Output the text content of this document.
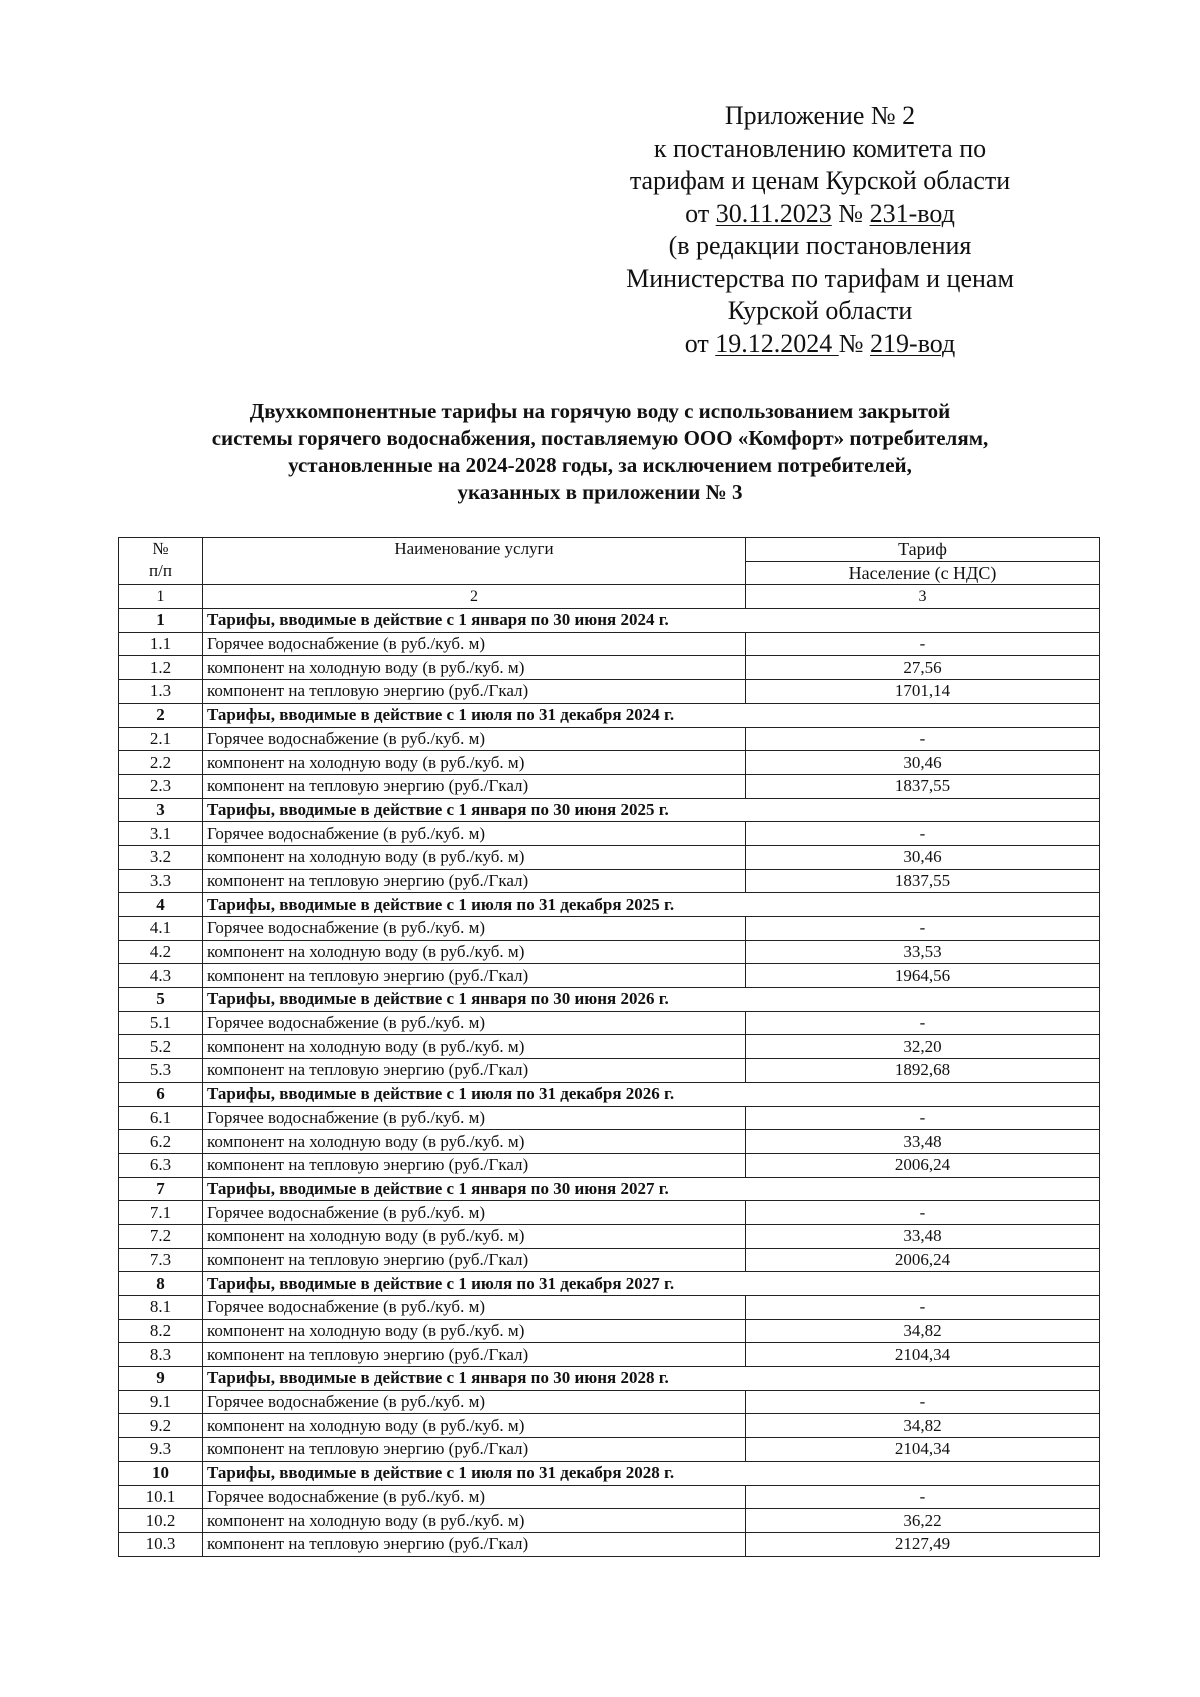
Приложение № 2
к постановлению комитета по
тарифам и ценам Курской области
от 30.11.2023 № 231-вод
(в редакции постановления
Министерства по тарифам и ценам
Курской области
от 19.12.2024 № 219-вод
Двухкомпонентные тарифы на горячую воду с использованием закрытой
системы горячего водоснабжения, поставляемую ООО «Комфорт» потребителям,
установленные на 2024-2028 годы, за исключением потребителей,
указанных в приложении № 3
№
п/п	Наименование услуги	Тариф
		Население (с НДС)
1	2	3
1	Тарифы, вводимые в действие с 1 января по 30 июня 2024 г.	
1.1	Горячее водоснабжение (в руб./куб. м)	-
1.2	компонент на холодную воду (в руб./куб. м)	27,56
1.3	компонент на тепловую энергию (руб./Гкал)	1701,14
2	Тарифы, вводимые в действие с 1 июля по 31 декабря 2024 г.	
2.1	Горячее водоснабжение (в руб./куб. м)	-
2.2	компонент на холодную воду (в руб./куб. м)	30,46
2.3	компонент на тепловую энергию (руб./Гкал)	1837,55
3	Тарифы, вводимые в действие с 1 января по 30 июня 2025 г.	
3.1	Горячее водоснабжение (в руб./куб. м)	-
3.2	компонент на холодную воду (в руб./куб. м)	30,46
3.3	компонент на тепловую энергию (руб./Гкал)	1837,55
4	Тарифы, вводимые в действие с 1 июля по 31 декабря 2025 г.	
4.1	Горячее водоснабжение (в руб./куб. м)	-
4.2	компонент на холодную воду (в руб./куб. м)	33,53
4.3	компонент на тепловую энергию (руб./Гкал)	1964,56
5	Тарифы, вводимые в действие с 1 января по 30 июня 2026 г.	
5.1	Горячее водоснабжение (в руб./куб. м)	-
5.2	компонент на холодную воду (в руб./куб. м)	32,20
5.3	компонент на тепловую энергию (руб./Гкал)	1892,68
6	Тарифы, вводимые в действие с 1 июля по 31 декабря 2026 г.	
6.1	Горячее водоснабжение (в руб./куб. м)	-
6.2	компонент на холодную воду (в руб./куб. м)	33,48
6.3	компонент на тепловую энергию (руб./Гкал)	2006,24
7	Тарифы, вводимые в действие с 1 января по 30 июня 2027 г.	
7.1	Горячее водоснабжение (в руб./куб. м)	-
7.2	компонент на холодную воду (в руб./куб. м)	33,48
7.3	компонент на тепловую энергию (руб./Гкал)	2006,24
8	Тарифы, вводимые в действие с 1 июля по 31 декабря 2027 г.	
8.1	Горячее водоснабжение (в руб./куб. м)	-
8.2	компонент на холодную воду (в руб./куб. м)	34,82
8.3	компонент на тепловую энергию (руб./Гкал)	2104,34
9	Тарифы, вводимые в действие с 1 января по 30 июня 2028 г.	
9.1	Горячее водоснабжение (в руб./куб. м)	-
9.2	компонент на холодную воду (в руб./куб. м)	34,82
9.3	компонент на тепловую энергию (руб./Гкал)	2104,34
10	Тарифы, вводимые в действие с 1 июля по 31 декабря 2028 г.	
10.1	Горячее водоснабжение (в руб./куб. м)	-
10.2	компонент на холодную воду (в руб./куб. м)	36,22
10.3	компонент на тепловую энергию (руб./Гкал)	2127,49
